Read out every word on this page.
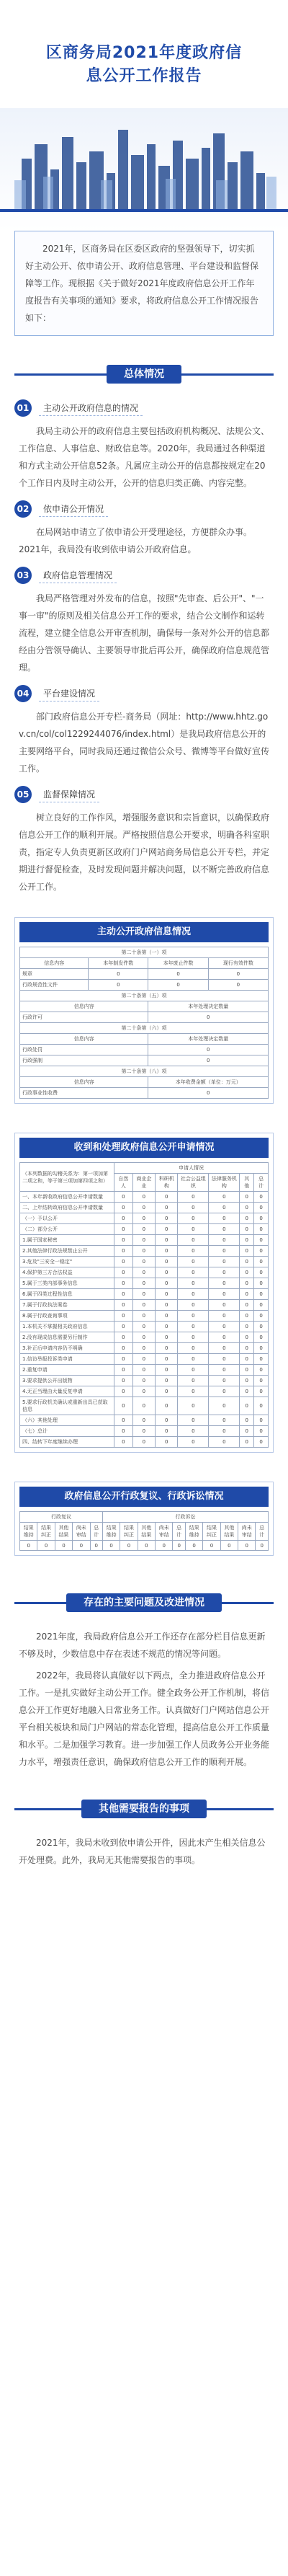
区商务局2021年度政府信
息公开工作报告
2021年，区商务局在区委区政府的坚强领导下，切实抓好主动公开、依申请公开、政府信息管理、平台建设和监督保障等工作。现根据《关于做好2021年度政府信息公开工作年度报告有关事项的通知》要求，将政府信息公开工作情况报告如下：
总体情况
01	主动公开政府信息的情况

我局主动公开的政府信息主要包括政府机构概况、法规公文、工作信息、人事信息、财政信息等。2020年，我局通过各种渠道和方式主动公开信息52条。凡属应主动公开的信息都按规定在20个工作日内及时主动公开，公开的信息归类正确、内容完整。

02	依申请公开情况

在局网站申请立了依申请公开受理途径，方便群众办事。2021年，我局没有收到依申请公开政府信息。

03	政府信息管理情况

我局严格管理对外发布的信息，按照"先审查、后公开"、"一事一审"的原则及相关信息公开工作的要求，结合公文制作和运转流程，建立健全信息公开审查机制，确保每一条对外公开的信息都经由分管领导确认、主要领导审批后再公开，确保政府信息规范管理。

04	平台建设情况

部门政府信息公开专栏-商务局（网址：http://www.hhtz.gov.cn/col/col1229244076/index.html）是我局政府信息公开的主要网络平台，同时我局还通过微信公众号、微博等平台做好宣传工作。

05	监督保障情况

树立良好的工作作风，增强服务意识和宗旨意识，以确保政府信息公开工作的顺利开展。严格按照信息公开要求，明确各科室职责，指定专人负责更新区政府门户网站商务局信息公开专栏，并定期进行督促检查，及时发现问题并解决问题，以不断完善政府信息公开工作。

主动公开政府信息情况
第二十条第（一）项			
信息内容	本年制发件数	本年废止件数	现行有效件数
规章	0	0	0
行政规范性文件	0	0	0
第二十条第（五）项			
信息内容		本年处理决定数量	
行政许可		0	
第二十条第（六）项			
信息内容		本年处理决定数量	
行政处罚		0	
行政强制		0	
第二十条第（八）项			
信息内容		本年收费金额（单位：万元）	
行政事业性收费		0	
收到和处理政府信息公开申请情况
（本列数据的勾稽关系为：第一项加第二项之和，等于第三项加第四项之和）	申请人情况						
	自然人	商业企业	科研机构	社会公益组织	法律服务机构	其他	总计
一、本年新收政府信息公开申请数量	0	0	0	0	0	0	0
二、上年结转政府信息公开申请数量	0	0	0	0	0	0	0
（一）予以公开	0	0	0	0	0	0	0
（二）部分公开	0	0	0	0	0	0	0
1.属于国家秘密	0	0	0	0	0	0	0
2.其他法律行政法规禁止公开	0	0	0	0	0	0	0
3.危及"三安全一稳定"	0	0	0	0	0	0	0
4.保护第三方合法权益	0	0	0	0	0	0	0
5.属于三类内部事务信息	0	0	0	0	0	0	0
6.属于四类过程性信息	0	0	0	0	0	0	0
7.属于行政执法案卷	0	0	0	0	0	0	0
8.属于行政查询事项	0	0	0	0	0	0	0
1.本机关不掌握相关政府信息	0	0	0	0	0	0	0
2.没有现成信息需要另行制作	0	0	0	0	0	0	0
3.补正后申请内容仍不明确	0	0	0	0	0	0	0
1.信访举报投诉类申请	0	0	0	0	0	0	0
2.重复申请	0	0	0	0	0	0	0
3.要求提供公开出版物	0	0	0	0	0	0	0
4.无正当理由大量反复申请	0	0	0	0	0	0	0
5.要求行政机关确认或重新出具已获取信息	0	0	0	0	0	0	0
（六）其他处理	0	0	0	0	0	0	0
（七）总计	0	0	0	0	0	0	0
四、结转下年度继续办理	0	0	0	0	0	0	0
政府信息公开行政复议、行政诉讼情况
行政复议					行政诉讼									
结果维持	结果纠正	其他结果	尚未审结	总计	结果维持	结果纠正	其他结果	尚未审结	总计	结果维持	结果纠正	其他结果	尚未审结	总计
0	0	0	0	0	0	0	0	0	0	0	0	0	0	0
存在的主要问题及改进情况

2021年度，我局政府信息公开工作还存在部分栏目信息更新不够及时，少数信息中存在表述不规范的情况等问题。

2022年，我局将认真做好以下两点，全力推进政府信息公开工作。一是扎实做好主动公开工作。健全政务公开工作机制，将信息公开工作更好地融入日常业务工作。认真做好门户网站信息公开平台相关板块和局门户网站的常态化管理，提高信息公开工作质量和水平。二是加强学习教育。进一步加强工作人员政务公开业务能力水平，增强责任意识，确保政府信息公开工作的顺利开展。

其他需要报告的事项

2021年，我局未收到依申请公开件，因此未产生相关信息公开处理费。此外，我局无其他需要报告的事项。
